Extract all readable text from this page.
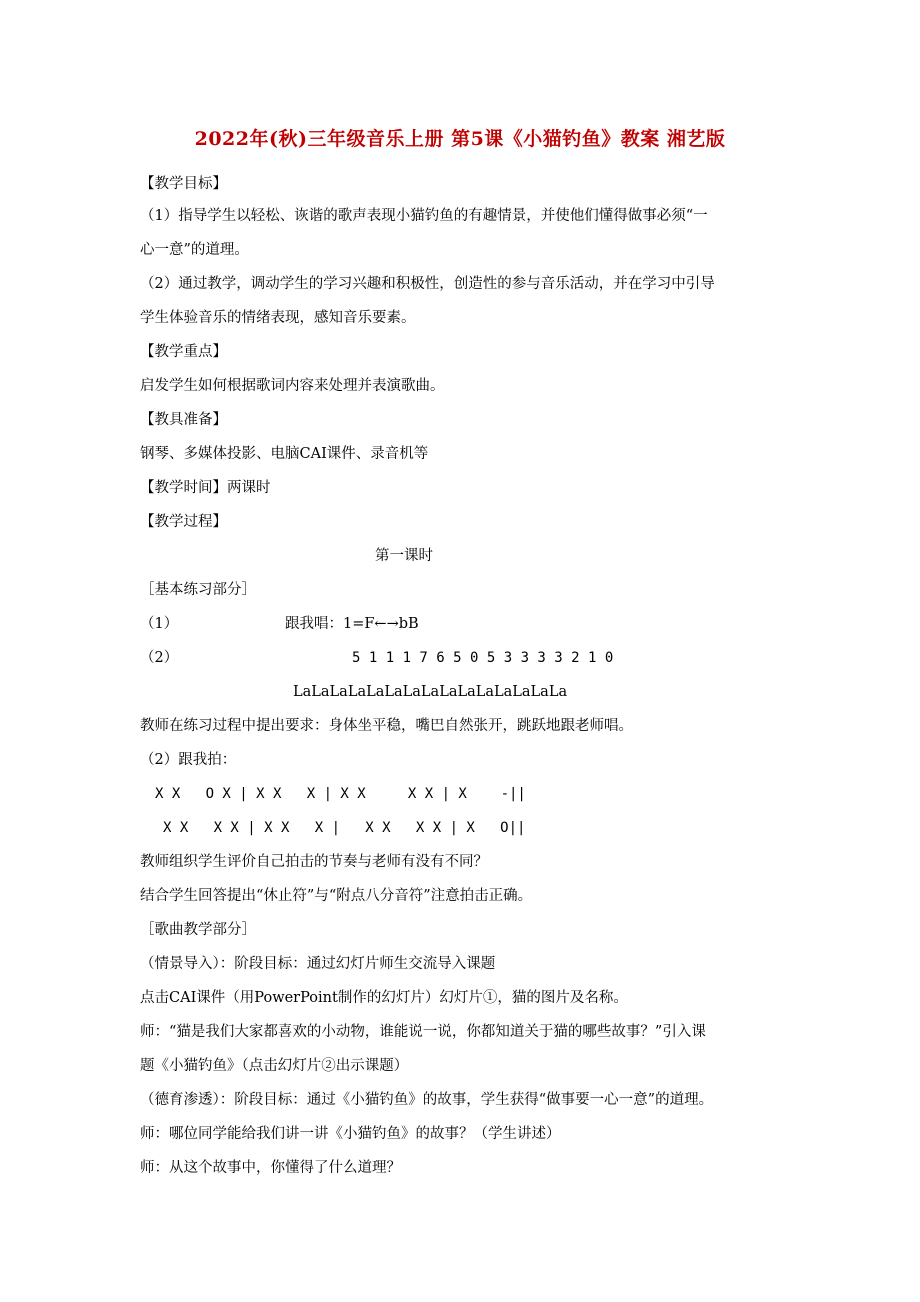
2022年(秋)三年级音乐上册 第5课《小猫钓鱼》教案 湘艺版
【教学目标】
（1）指导学生以轻松、诙谐的歌声表现小猫钓鱼的有趣情景，并使他们懂得做事必须“一
心一意”的道理。
（2）通过教学，调动学生的学习兴趣和积极性，创造性的参与音乐活动，并在学习中引导
学生体验音乐的情绪表现，感知音乐要素。
【教学重点】
启发学生如何根据歌词内容来处理并表演歌曲。
【教具准备】
钢琴、多媒体投影、电脑CAI课件、录音机等
【教学时间】两课时
【教学过程】
第一课时
［基本练习部分］
（1）	跟我唱：1=F←→bB
（2）	5 1 1 1 7 6 5 0 5 3 3 3 3 2 1 0
LaLaLaLaLaLaLaLaLaLaLaLaLaLaLa
教师在练习过程中提出要求：身体坐平稳，嘴巴自然张开，跳跃地跟老师唱。
（2）跟我拍：
X X   O X | X X   X | X X     X X | X    -||
X X   X X | X X   X |   X X   X X | X   O||
教师组织学生评价自己拍击的节奏与老师有没有不同？
结合学生回答提出“休止符”与“附点八分音符”注意拍击正确。
［歌曲教学部分］
（情景导入）：阶段目标：通过幻灯片师生交流导入课题
点击CAI课件（用PowerPoint制作的幻灯片）幻灯片①，猫的图片及名称。
师：“猫是我们大家都喜欢的小动物，谁能说一说，你都知道关于猫的哪些故事？”引入课
题《小猫钓鱼》（点击幻灯片②出示课题）
（德育渗透）：阶段目标：通过《小猫钓鱼》的故事，学生获得“做事要一心一意”的道理。
师：哪位同学能给我们讲一讲《小猫钓鱼》的故事？（学生讲述）
师：从这个故事中，你懂得了什么道理？
